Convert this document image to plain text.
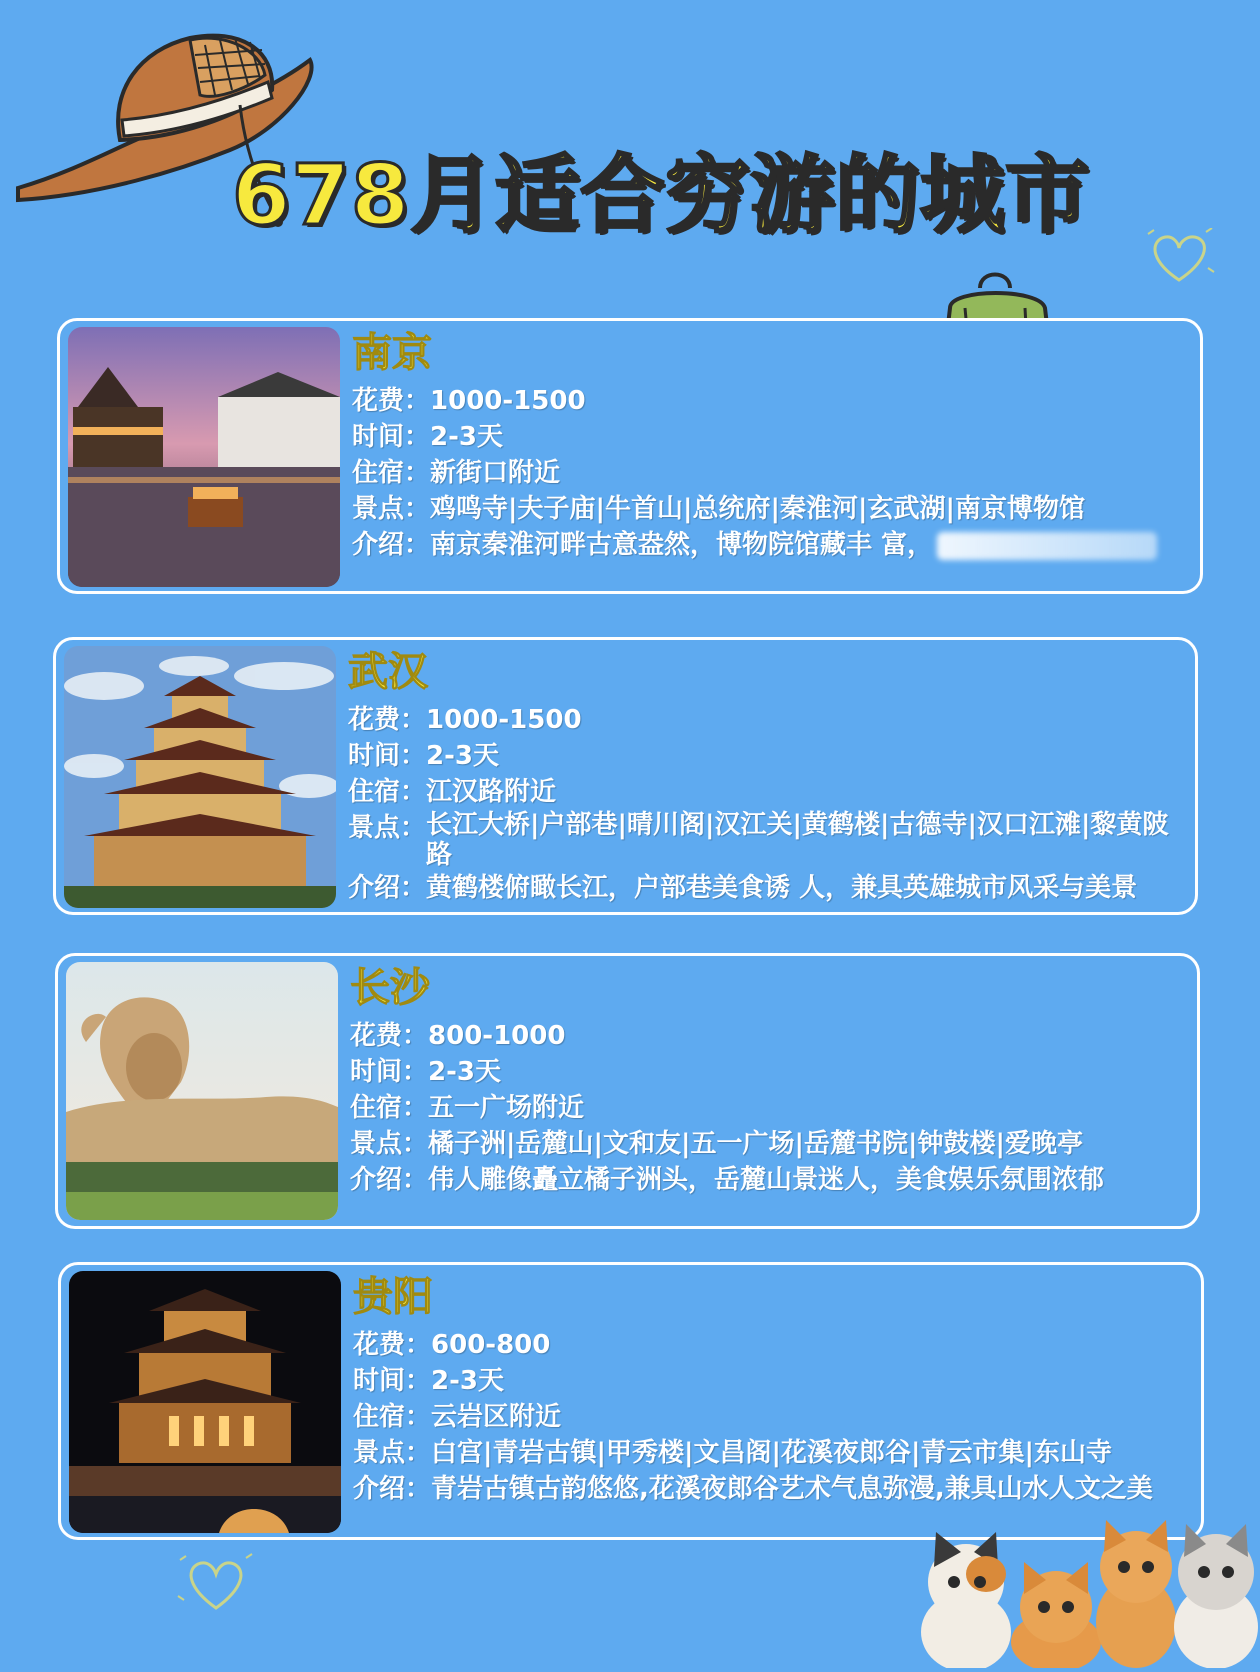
678月适合穷游的城市
南京
花费： 1000-1500
时间： 2-3天
住宿： 新街口附近
景点： 鸡鸣寺|夫子庙|牛首山|总统府|秦淮河|玄武湖|南京博物馆
介绍： 南京秦淮河畔古意盎然，博物院馆藏丰 富，
武汉
花费： 1000-1500
时间： 2-3天
住宿： 江汉路附近
景点： 长江大桥|户部巷|晴川阁|汉江关|黄鹤楼|古德寺|汉口江滩|黎黄陂路
介绍： 黄鹤楼俯瞰长江，户部巷美食诱 人，兼具英雄城市风采与美景
长沙
花费： 800-1000
时间： 2-3天
住宿： 五一广场附近
景点： 橘子洲|岳麓山|文和友|五一广场|岳麓书院|钟鼓楼|爱晚亭
介绍： 伟人雕像矗立橘子洲头，岳麓山景迷人，美食娱乐氛围浓郁
贵阳
花费： 600-800
时间： 2-3天
住宿： 云岩区附近
景点： 白宫|青岩古镇|甲秀楼|文昌阁|花溪夜郎谷|青云市集|东山寺
介绍： 青岩古镇古韵悠悠,花溪夜郎谷艺术气息弥漫,兼具山水人文之美
